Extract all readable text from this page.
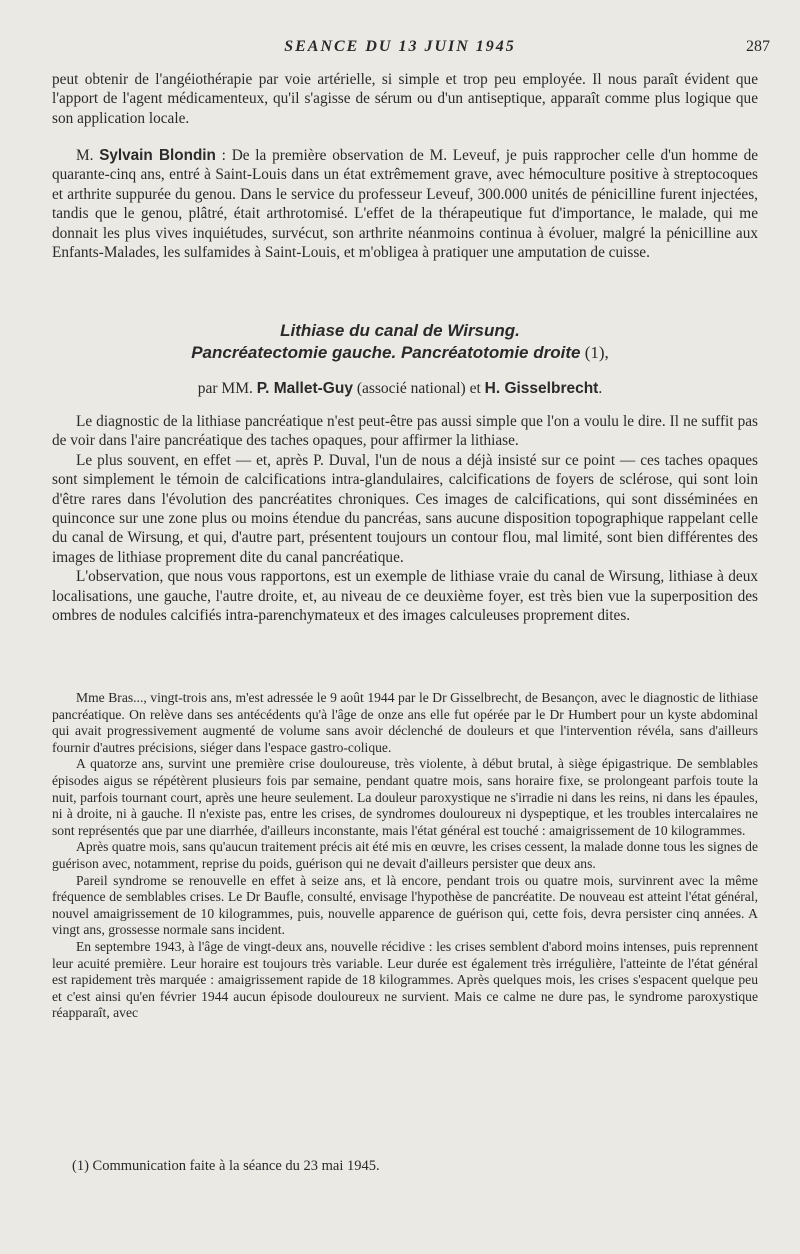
SEANCE DU 13 JUIN 1945	287

peut obtenir de l'angéiothérapie par voie artérielle, si simple et trop peu employée. Il nous paraît évident que l'apport de l'agent médicamenteux, qu'il s'agisse de sérum ou d'un antiseptique, apparaît comme plus logique que son application locale.

M. Sylvain Blondin : De la première observation de M. Leveuf, je puis rapprocher celle d'un homme de quarante-cinq ans, entré à Saint-Louis dans un état extrêmement grave, avec hémoculture positive à streptocoques et arthrite suppurée du genou. Dans le service du professeur Leveuf, 300.000 unités de pénicilline furent injectées, tandis que le genou, plâtré, était arthrotomisé. L'effet de la thérapeutique fut d'importance, le malade, qui me donnait les plus vives inquiétudes, survécut, son arthrite néanmoins continua à évoluer, malgré la pénicilline aux Enfants-Malades, les sulfamides à Saint-Louis, et m'obligea à pratiquer une amputation de cuisse.

Lithiase du canal de Wirsung.
Pancréatectomie gauche. Pancréatotomie droite (1),
par MM. P. Mallet-Guy (associé national) et H. Gisselbrecht.

Le diagnostic de la lithiase pancréatique n'est peut-être pas aussi simple que l'on a voulu le dire. Il ne suffit pas de voir dans l'aire pancréatique des taches opaques, pour affirmer la lithiase.

Le plus souvent, en effet — et, après P. Duval, l'un de nous a déjà insisté sur ce point — ces taches opaques sont simplement le témoin de calcifications intra-glandulaires, calcifications de foyers de sclérose, qui sont loin d'être rares dans l'évolution des pancréatites chroniques. Ces images de calcifications, qui sont disséminées en quinconce sur une zone plus ou moins étendue du pancréas, sans aucune disposition topographique rappelant celle du canal de Wirsung, et qui, d'autre part, présentent toujours un contour flou, mal limité, sont bien différentes des images de lithiase proprement dite du canal pancréatique.

L'observation, que nous vous rapportons, est un exemple de lithiase vraie du canal de Wirsung, lithiase à deux localisations, une gauche, l'autre droite, et, au niveau de ce deuxième foyer, est très bien vue la superposition des ombres de nodules calcifiés intra-parenchymateux et des images calculeuses proprement dites.

Mme Bras..., vingt-trois ans, m'est adressée le 9 août 1944 par le Dr Gisselbrecht, de Besançon, avec le diagnostic de lithiase pancréatique. On relève dans ses antécédents qu'à l'âge de onze ans elle fut opérée par le Dr Humbert pour un kyste abdominal qui avait progressivement augmenté de volume sans avoir déclenché de douleurs et que l'intervention révéla, sans d'ailleurs fournir d'autres précisions, siéger dans l'espace gastro-colique.

A quatorze ans, survint une première crise douloureuse, très violente, à début brutal, à siège épigastrique. De semblables épisodes aigus se répétèrent plusieurs fois par semaine, pendant quatre mois, sans horaire fixe, se prolongeant parfois toute la nuit, parfois tournant court, après une heure seulement. La douleur paroxystique ne s'irradie ni dans les reins, ni dans les épaules, ni à droite, ni à gauche. Il n'existe pas, entre les crises, de syndromes douloureux ni dyspeptique, et les troubles intercalaires ne sont représentés que par une diarrhée, d'ailleurs inconstante, mais l'état général est touché : amaigrissement de 10 kilogrammes.

Après quatre mois, sans qu'aucun traitement précis ait été mis en œuvre, les crises cessent, la malade donne tous les signes de guérison avec, notamment, reprise du poids, guérison qui ne devait d'ailleurs persister que deux ans.

Pareil syndrome se renouvelle en effet à seize ans, et là encore, pendant trois ou quatre mois, survinrent avec la même fréquence de semblables crises. Le Dr Baufle, consulté, envisage l'hypothèse de pancréatite. De nouveau est atteint l'état général, nouvel amaigrissement de 10 kilogrammes, puis, nouvelle apparence de guérison qui, cette fois, devra persister cinq années. A vingt ans, grossesse normale sans incident.

En septembre 1943, à l'âge de vingt-deux ans, nouvelle récidive : les crises semblent d'abord moins intenses, puis reprennent leur acuité première. Leur horaire est toujours très variable. Leur durée est également très irrégulière, l'atteinte de l'état général est rapidement très marquée : amaigrissement rapide de 18 kilogrammes. Après quelques mois, les crises s'espacent quelque peu et c'est ainsi qu'en février 1944 aucun épisode douloureux ne survient. Mais ce calme ne dure pas, le syndrome paroxystique réapparaît, avec

(1) Communication faite à la séance du 23 mai 1945.
